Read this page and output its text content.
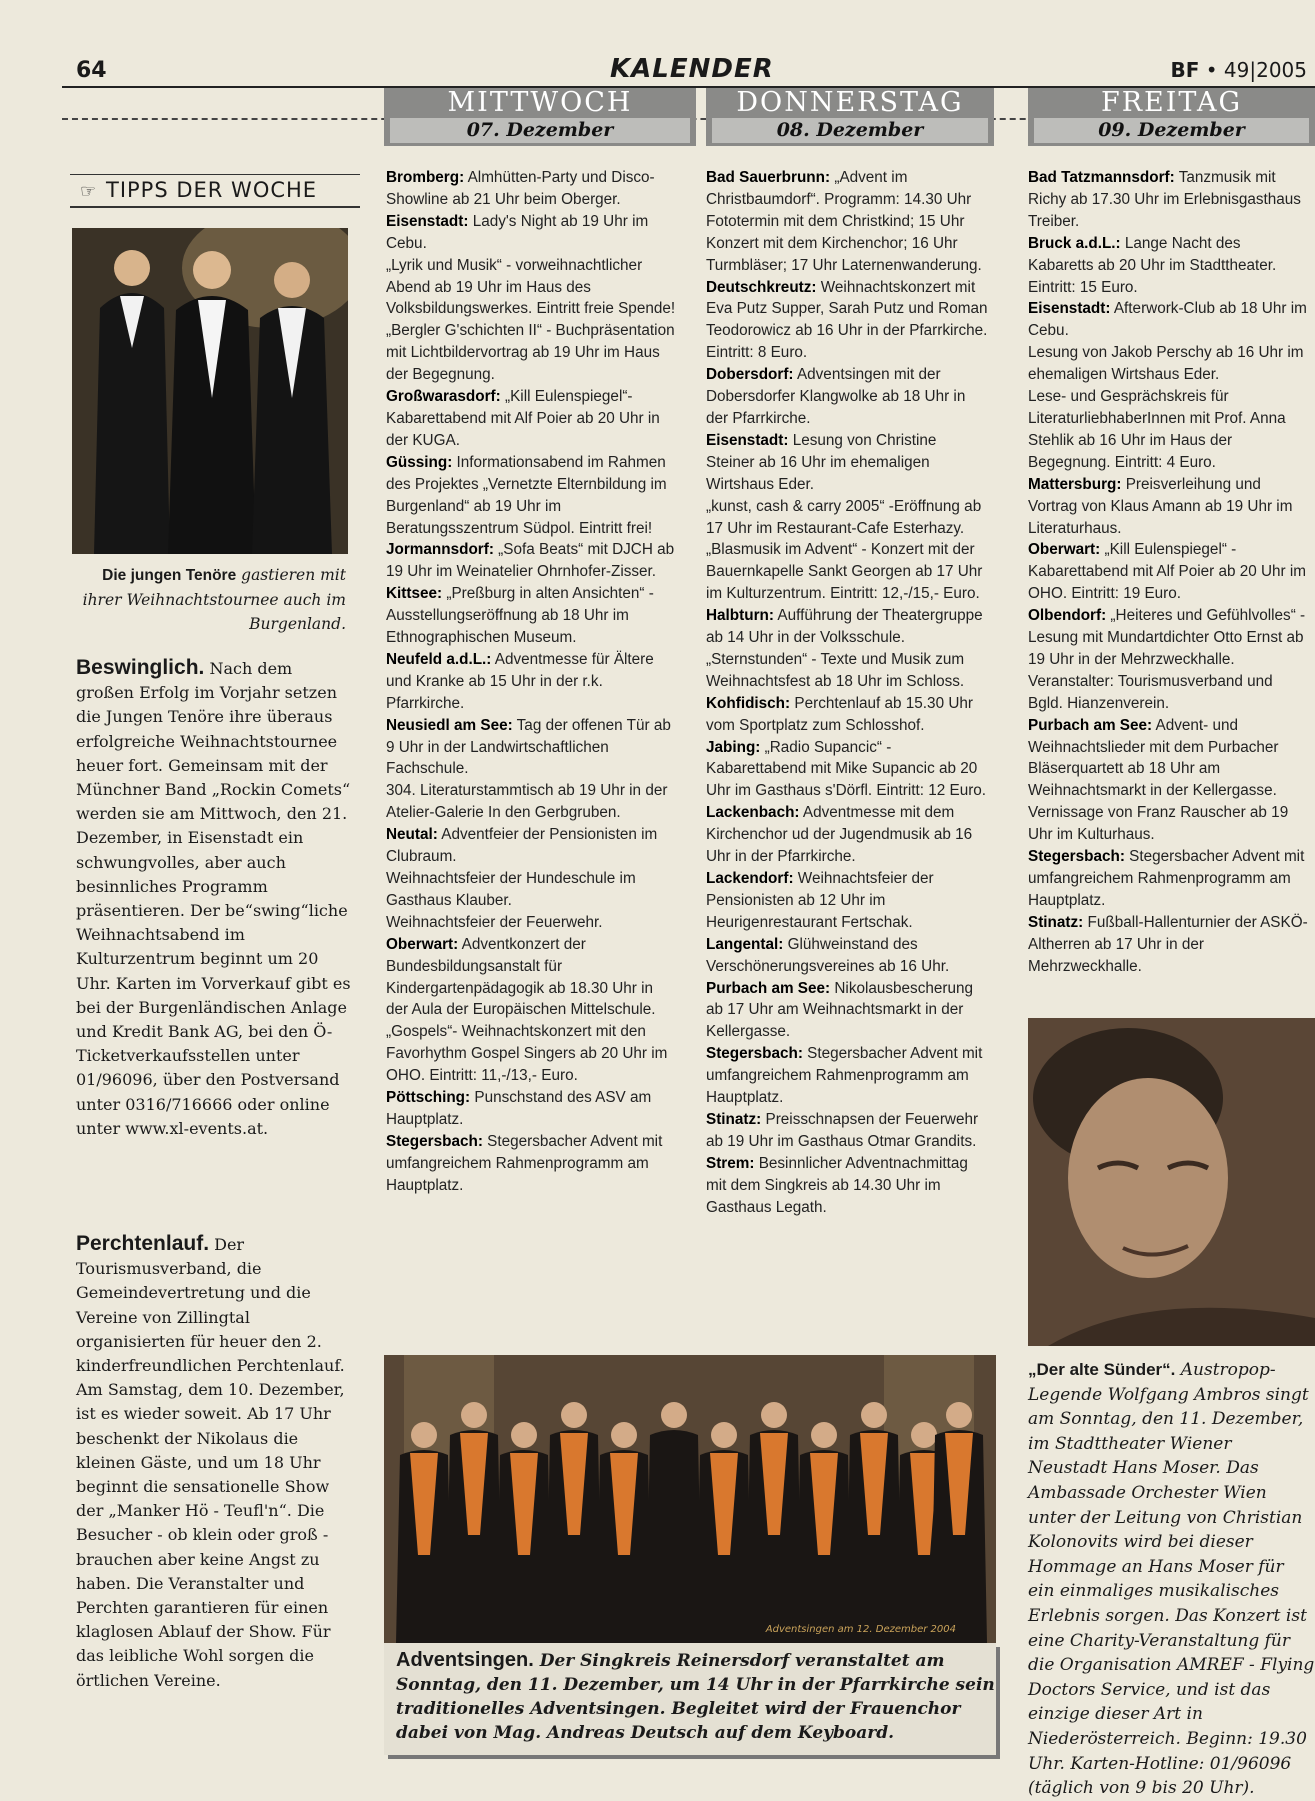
64	KALENDER	BF • 49|2005
MITTWOCH
07. Dezember
DONNERSTAG
08. Dezember
FREITAG
09. Dezember
☞ TIPPS DER WOCHE
Die jungen Tenöre gastieren mit ihrer Weihnachtstournee auch im Burgenland.
Beswinglich. Nach dem großen Erfolg im Vorjahr setzen die Jungen Tenöre ihre überaus erfolgreiche Weihnachtstournee heuer fort. Gemeinsam mit der Münchner Band „Rockin Comets“ werden sie am Mittwoch, den 21. Dezember, in Eisenstadt ein schwungvolles, aber auch besinnliches Programm präsentieren. Der be“swing“liche Weihnachtsabend im Kulturzentrum beginnt um 20 Uhr. Karten im Vorverkauf gibt es bei der Burgenländischen Anlage und Kredit Bank AG, bei den Ö-Ticketverkaufsstellen unter 01/96096, über den Postversand unter 0316/716666 oder online unter www.xl-events.at.
Perchtenlauf. Der Tourismusverband, die Gemeindevertretung und die Vereine von Zillingtal organisierten für heuer den 2. kinderfreundlichen Perchtenlauf. Am Samstag, dem 10. Dezember, ist es wieder soweit. Ab 17 Uhr beschenkt der Nikolaus die kleinen Gäste, und um 18 Uhr beginnt die sensationelle Show der „Manker Hö - Teufl'n“. Die Besucher - ob klein oder groß - brauchen aber keine Angst zu haben. Die Veranstalter und Perchten garantieren für einen klaglosen Ablauf der Show. Für das leibliche Wohl sorgen die örtlichen Vereine.

Bromberg: Almhütten-Party und Disco-Showline ab 21 Uhr beim Oberger.

Eisenstadt: Lady's Night ab 19 Uhr im Cebu.

„Lyrik und Musik“ - vorweihnachtlicher Abend ab 19 Uhr im Haus des Volksbildungswerkes. Eintritt freie Spende!

„Bergler G'schichten II“ - Buchpräsentation mit Lichtbildervortrag ab 19 Uhr im Haus der Begegnung.

Großwarasdorf: „Kill Eulenspiegel“-Kabarettabend mit Alf Poier ab 20 Uhr in der KUGA.

Güssing: Informationsabend im Rahmen des Projektes „Vernetzte Elternbildung im Burgenland“ ab 19 Uhr im Beratungsszentrum Südpol. Eintritt frei!

Jormannsdorf: „Sofa Beats“ mit DJCH ab 19 Uhr im Weinatelier Ohrnhofer-Zisser.

Kittsee: „Preßburg in alten Ansichten“ - Ausstellungseröffnung ab 18 Uhr im Ethnographischen Museum.

Neufeld a.d.L.: Adventmesse für Ältere und Kranke ab 15 Uhr in der r.k. Pfarrkirche.

Neusiedl am See: Tag der offenen Tür ab 9 Uhr in der Landwirtschaftlichen Fachschule.

304. Literaturstammtisch ab 19 Uhr in der Atelier-Galerie In den Gerbgruben.

Neutal: Adventfeier der Pensionisten im Clubraum.

Weihnachtsfeier der Hundeschule im Gasthaus Klauber.

Weihnachtsfeier der Feuerwehr.

Oberwart: Adventkonzert der Bundesbildungsanstalt für Kindergartenpädagogik ab 18.30 Uhr in der Aula der Europäischen Mittelschule.

„Gospels“- Weihnachtskonzert mit den Favorhythm Gospel Singers ab 20 Uhr im OHO. Eintritt: 11,-/13,- Euro.

Pöttsching: Punschstand des ASV am Hauptplatz.

Stegersbach: Stegersbacher Advent mit umfangreichem Rahmenprogramm am Hauptplatz.

Bad Sauerbrunn: „Advent im Christbaumdorf“. Programm: 14.30 Uhr Fototermin mit dem Christkind; 15 Uhr Konzert mit dem Kirchenchor; 16 Uhr Turmbläser; 17 Uhr Laternenwanderung.

Deutschkreutz: Weihnachtskonzert mit Eva Putz Supper, Sarah Putz und Roman Teodorowicz ab 16 Uhr in der Pfarrkirche. Eintritt: 8 Euro.

Dobersdorf: Adventsingen mit der Dobersdorfer Klangwolke ab 18 Uhr in der Pfarrkirche.

Eisenstadt: Lesung von Christine Steiner ab 16 Uhr im ehemaligen Wirtshaus Eder.

„kunst, cash & carry 2005“ -Eröffnung ab 17 Uhr im Restaurant-Cafe Esterhazy.

„Blasmusik im Advent“ - Konzert mit der Bauernkapelle Sankt Georgen ab 17 Uhr im Kulturzentrum. Eintritt: 12,-/15,- Euro.

Halbturn: Aufführung der Theatergruppe ab 14 Uhr in der Volksschule.

„Sternstunden“ - Texte und Musik zum Weihnachtsfest ab 18 Uhr im Schloss.

Kohfidisch: Perchtenlauf ab 15.30 Uhr vom Sportplatz zum Schlosshof.

Jabing: „Radio Supancic“ - Kabarettabend mit Mike Supancic ab 20 Uhr im Gasthaus s'Dörfl. Eintritt: 12 Euro.

Lackenbach: Adventmesse mit dem Kirchenchor ud der Jugendmusik ab 16 Uhr in der Pfarrkirche.

Lackendorf: Weihnachtsfeier der Pensionisten ab 12 Uhr im Heurigenrestaurant Fertschak.

Langental: Glühweinstand des Verschönerungsvereines ab 16 Uhr.

Purbach am See: Nikolausbescherung ab 17 Uhr am Weihnachtsmarkt in der Kellergasse.

Stegersbach: Stegersbacher Advent mit umfangreichem Rahmenprogramm am Hauptplatz.

Stinatz: Preisschnapsen der Feuerwehr ab 19 Uhr im Gasthaus Otmar Grandits.

Strem: Besinnlicher Adventnachmittag mit dem Singkreis ab 14.30 Uhr im Gasthaus Legath.

Bad Tatzmannsdorf: Tanzmusik mit Richy ab 17.30 Uhr im Erlebnisgasthaus Treiber.

Bruck a.d.L.: Lange Nacht des Kabaretts ab 20 Uhr im Stadttheater. Eintritt: 15 Euro.

Eisenstadt: Afterwork-Club ab 18 Uhr im Cebu.

Lesung von Jakob Perschy ab 16 Uhr im ehemaligen Wirtshaus Eder.

Lese- und Gesprächskreis für LiteraturliebhaberInnen mit Prof. Anna Stehlik ab 16 Uhr im Haus der Begegnung. Eintritt: 4 Euro.

Mattersburg: Preisverleihung und Vortrag von Klaus Amann ab 19 Uhr im Literaturhaus.

Oberwart: „Kill Eulenspiegel“ - Kabarettabend mit Alf Poier ab 20 Uhr im OHO. Eintritt: 19 Euro.

Olbendorf: „Heiteres und Gefühlvolles“ - Lesung mit Mundartdichter Otto Ernst ab 19 Uhr in der Mehrzweckhalle. Veranstalter: Tourismusverband und Bgld. Hianzenverein.

Purbach am See: Advent- und Weihnachtslieder mit dem Purbacher Bläserquartett ab 18 Uhr am Weihnachtsmarkt in der Kellergasse.

Vernissage von Franz Rauscher ab 19 Uhr im Kulturhaus.

Stegersbach: Stegersbacher Advent mit umfangreichem Rahmenprogramm am Hauptplatz.

Stinatz: Fußball-Hallenturnier der ASKÖ-Altherren ab 17 Uhr in der Mehrzweckhalle.

Adventsingen am 12. Dezember 2004
Adventsingen. Der Singkreis Reinersdorf veranstaltet am Sonntag, den 11. Dezember, um 14 Uhr in der Pfarrkirche sein traditionelles Adventsingen. Begleitet wird der Frauenchor dabei von Mag. Andreas Deutsch auf dem Keyboard.
„Der alte Sünder“. Austropop-Legende Wolfgang Ambros singt am Sonntag, den 11. Dezember, im Stadttheater Wiener Neustadt Hans Moser. Das Ambassade Orchester Wien unter der Leitung von Christian Kolonovits wird bei dieser Hommage an Hans Moser für ein einmaliges musikalisches Erlebnis sorgen. Das Konzert ist eine Charity-Veranstaltung für die Organisation AMREF - Flying Doctors Service, und ist das einzige dieser Art in Niederösterreich. Beginn: 19.30 Uhr. Karten-Hotline: 01/96096 (täglich von 9 bis 20 Uhr).
